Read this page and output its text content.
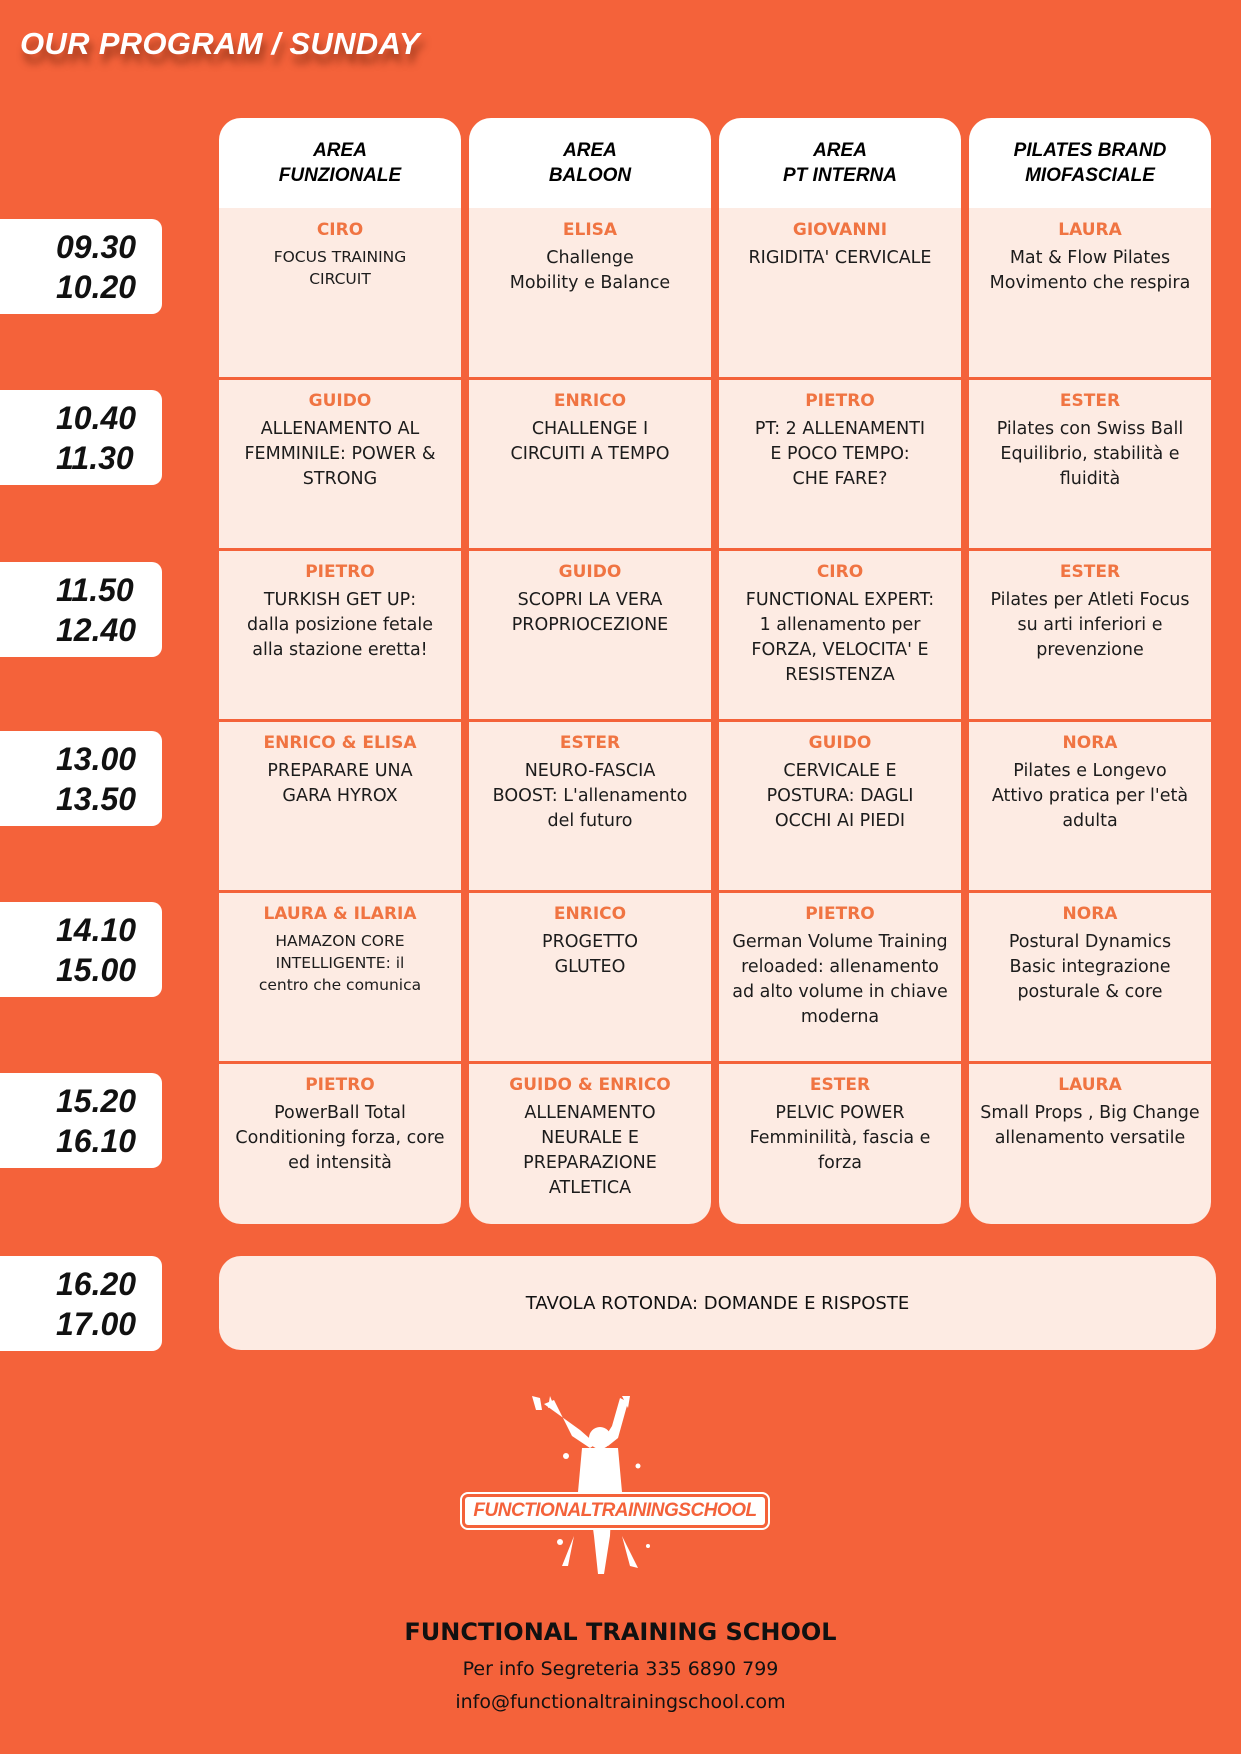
OUR PROGRAM / SUNDAY
AREA
FUNZIONALE
AREA
BALOON
AREA
PT INTERNA
PILATES BRAND
MIOFASCIALE
09.30
10.20
CIRO
FOCUS TRAINING
CIRCUIT
ELISA
Challenge
Mobility e Balance
GIOVANNI
RIGIDITA' CERVICALE
LAURA
Mat & Flow Pilates
Movimento che respira
10.40
11.30
GUIDO
ALLENAMENTO AL
FEMMINILE: POWER &
STRONG
ENRICO
CHALLENGE I
CIRCUITI A TEMPO
PIETRO
PT: 2 ALLENAMENTI
E POCO TEMPO:
CHE FARE?
ESTER
Pilates con Swiss Ball
Equilibrio, stabilità e
fluidità
11.50
12.40
PIETRO
TURKISH GET UP:
dalla posizione fetale
alla stazione eretta!
GUIDO
SCOPRI LA VERA
PROPRIOCEZIONE
CIRO
FUNCTIONAL EXPERT:
1 allenamento per
FORZA, VELOCITA' E
RESISTENZA
ESTER
Pilates per Atleti Focus
su arti inferiori e
prevenzione
13.00
13.50
ENRICO & ELISA
PREPARARE UNA
GARA HYROX
ESTER
NEURO-FASCIA
BOOST: L'allenamento
del futuro
GUIDO
CERVICALE E
POSTURA: DAGLI
OCCHI AI PIEDI
NORA
Pilates e Longevo
Attivo pratica per l'età
adulta
14.10
15.00
LAURA & ILARIA
HAMAZON CORE
INTELLIGENTE: il
centro che comunica
ENRICO
PROGETTO
GLUTEO
PIETRO
German Volume Training
reloaded: allenamento
ad alto volume in chiave
moderna
NORA
Postural Dynamics
Basic integrazione
posturale & core
15.20
16.10
PIETRO
PowerBall Total
Conditioning forza, core
ed intensità
GUIDO & ENRICO
ALLENAMENTO
NEURALE E
PREPARAZIONE
ATLETICA
ESTER
PELVIC POWER
Femminilità, fascia e
forza
LAURA
Small Props , Big Change
allenamento versatile
16.20
17.00
TAVOLA ROTONDA: DOMANDE E RISPOSTE
FUNCTIONALTRAININGSCHOOL
FUNCTIONAL TRAINING SCHOOL
Per info Segreteria 335 6890 799
info@functionaltrainingschool.com
